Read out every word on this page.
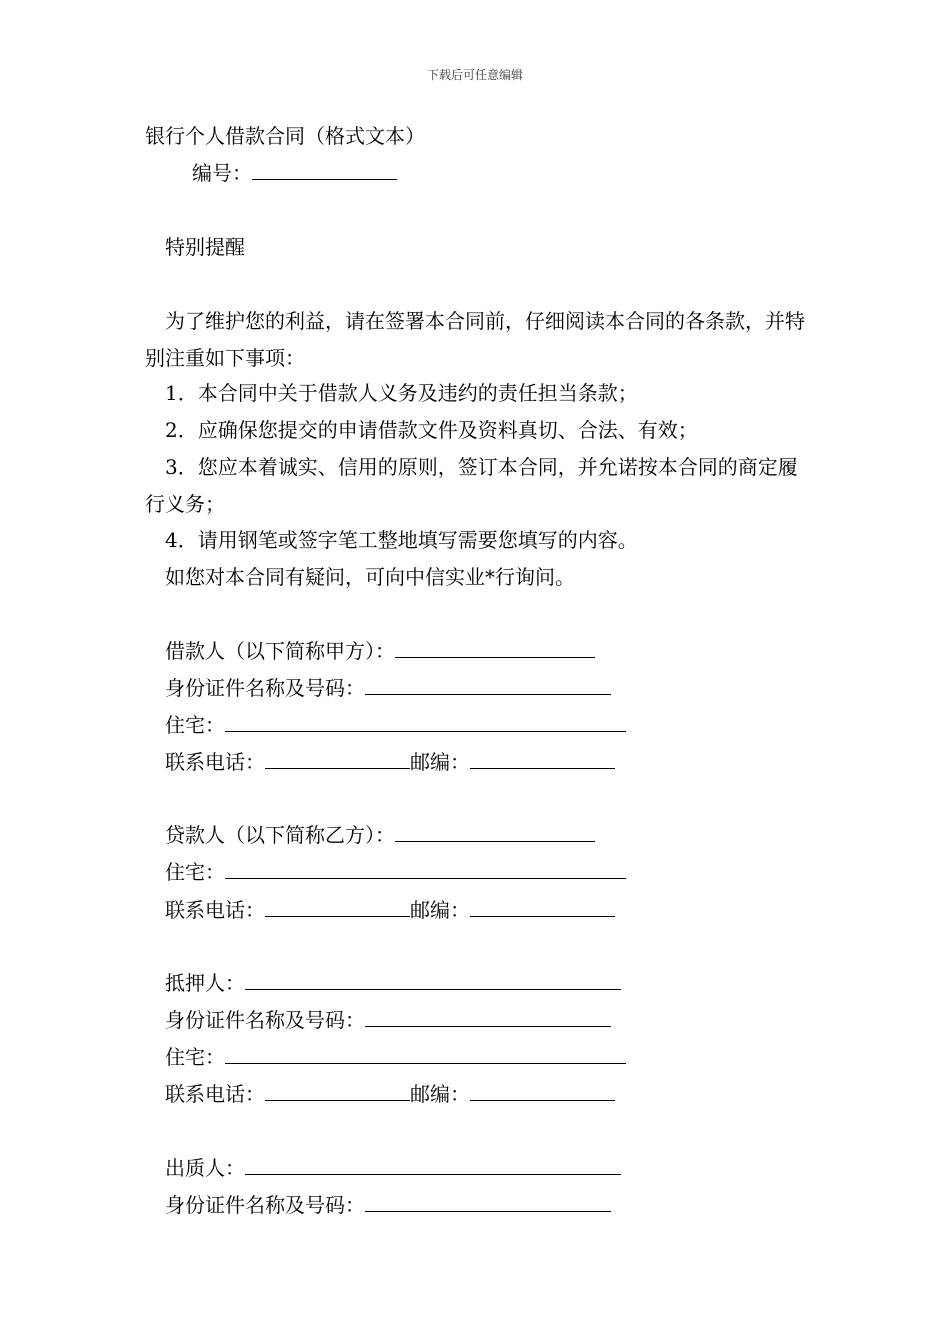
下载后可任意编辑
银行个人借款合同（格式文本）
编号：
特别提醒
为了维护您的利益，请在签署本合同前，仔细阅读本合同的各条款，并特别注重如下事项：
1．本合同中关于借款人义务及违约的责任担当条款；
2．应确保您提交的申请借款文件及资料真切、合法、有效；
3．您应本着诚实、信用的原则，签订本合同，并允诺按本合同的商定履行义务；
4．请用钢笔或签字笔工整地填写需要您填写的内容。
如您对本合同有疑问，可向中信实业*行询问。
借款人（以下简称甲方）：
身份证件名称及号码：
住宅：
联系电话：	邮编：
贷款人（以下简称乙方）：
住宅：
联系电话：	邮编：
抵押人：
身份证件名称及号码：
住宅：
联系电话：	邮编：
出质人：
身份证件名称及号码：
